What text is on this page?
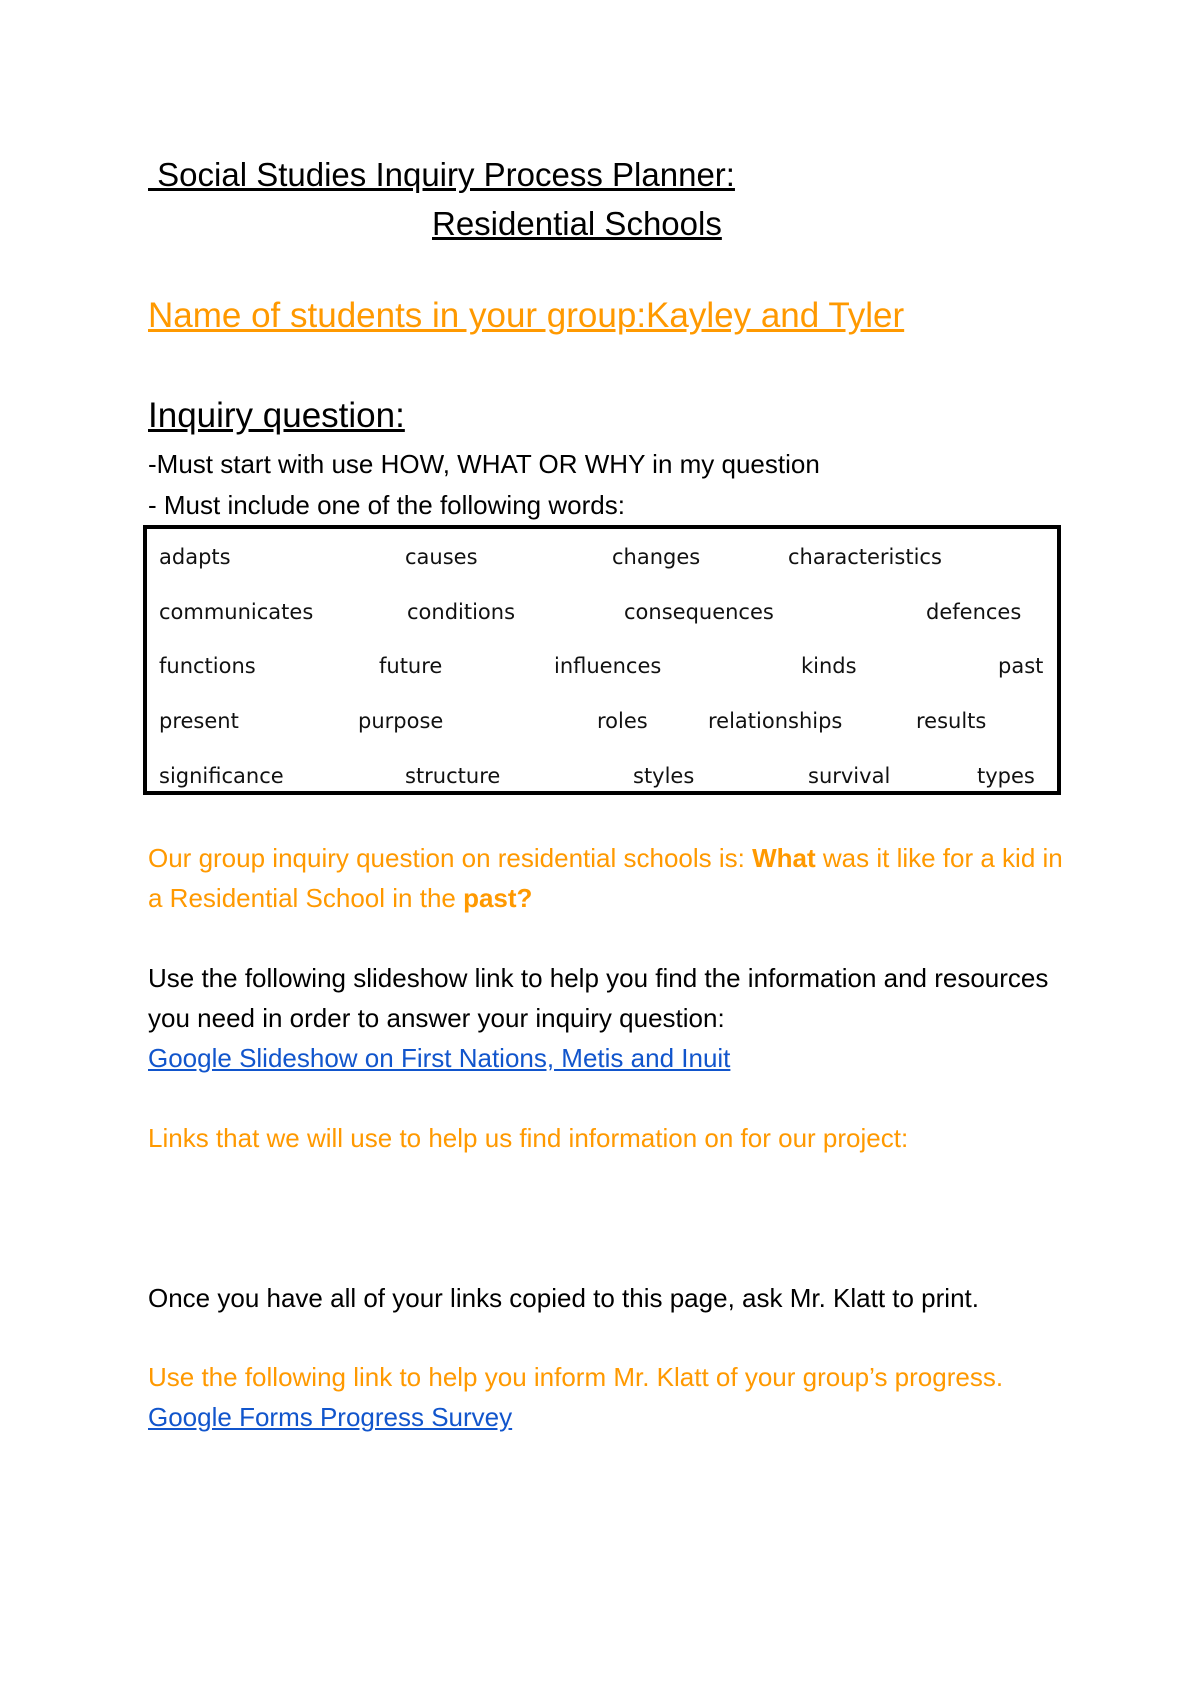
Social Studies Inquiry Process Planner:
Residential Schools
Name of students in your group:Kayley and Tyler
Inquiry question:
-Must start with use HOW, WHAT OR WHY in my question
- Must include one of the following words:
adapts	causes	changes	characteristics
communicates	conditions	consequences	defences
functions	future	influences	kinds	past
present	purpose	roles	relationships	results
significance	structure	styles	survival	types
Our group inquiry question on residential schools is: What was it like for a kid in a Residential School in the past?
Use the following slideshow link to help you find the information and resources you need in order to answer your inquiry question:
Google Slideshow on First Nations, Metis and Inuit
Links that we will use to help us find information on for our project:
Once you have all of your links copied to this page, ask Mr. Klatt to print.
Use the following link to help you inform Mr. Klatt of your group’s progress.
Google Forms Progress Survey
